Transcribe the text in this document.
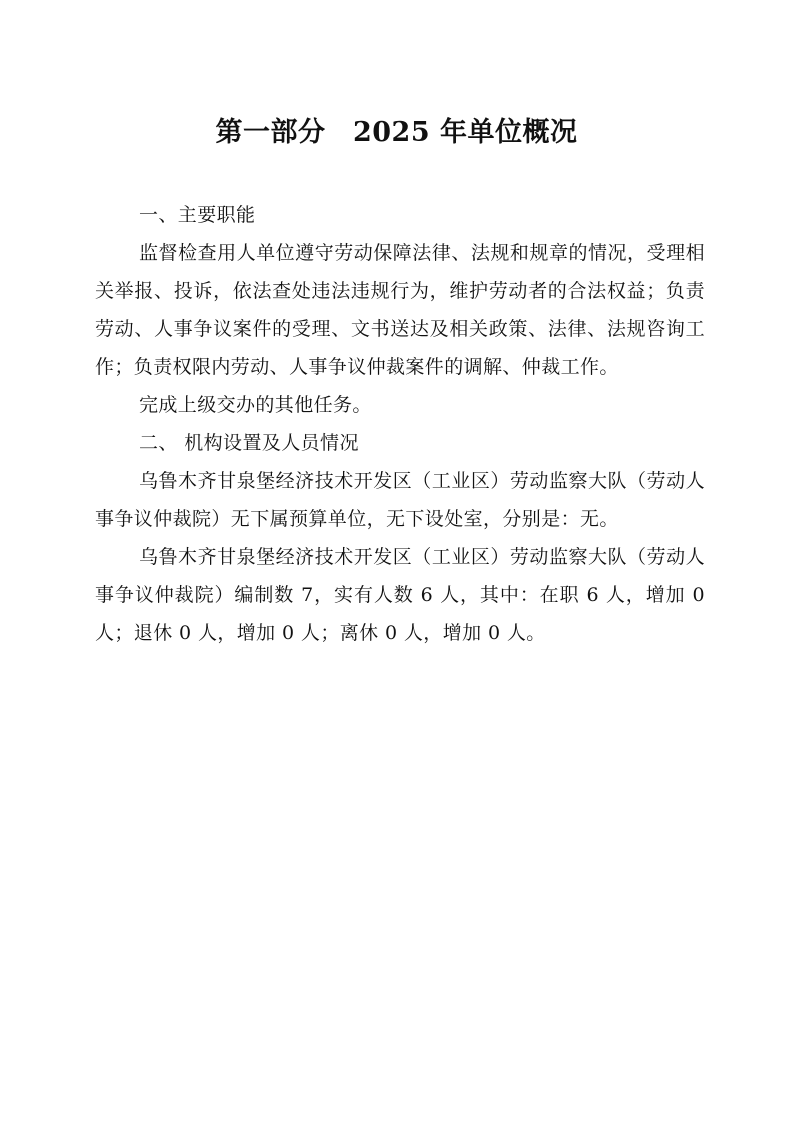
第一部分　2025 年单位概况

一、主要职能

监督检查用人单位遵守劳动保障法律、法规和规章的情况，受理相关举报、投诉，依法查处违法违规行为，维护劳动者的合法权益；负责劳动、人事争议案件的受理、文书送达及相关政策、法律、法规咨询工作；负责权限内劳动、人事争议仲裁案件的调解、仲裁工作。

完成上级交办的其他任务。

二、 机构设置及人员情况

乌鲁木齐甘泉堡经济技术开发区（工业区）劳动监察大队（劳动人事争议仲裁院）无下属预算单位，无下设处室，分别是：无。

乌鲁木齐甘泉堡经济技术开发区（工业区）劳动监察大队（劳动人事争议仲裁院）编制数 7，实有人数 6 人，其中：在职 6 人，增加 0 人；退休 0 人，增加 0 人；离休 0 人，增加 0 人。
